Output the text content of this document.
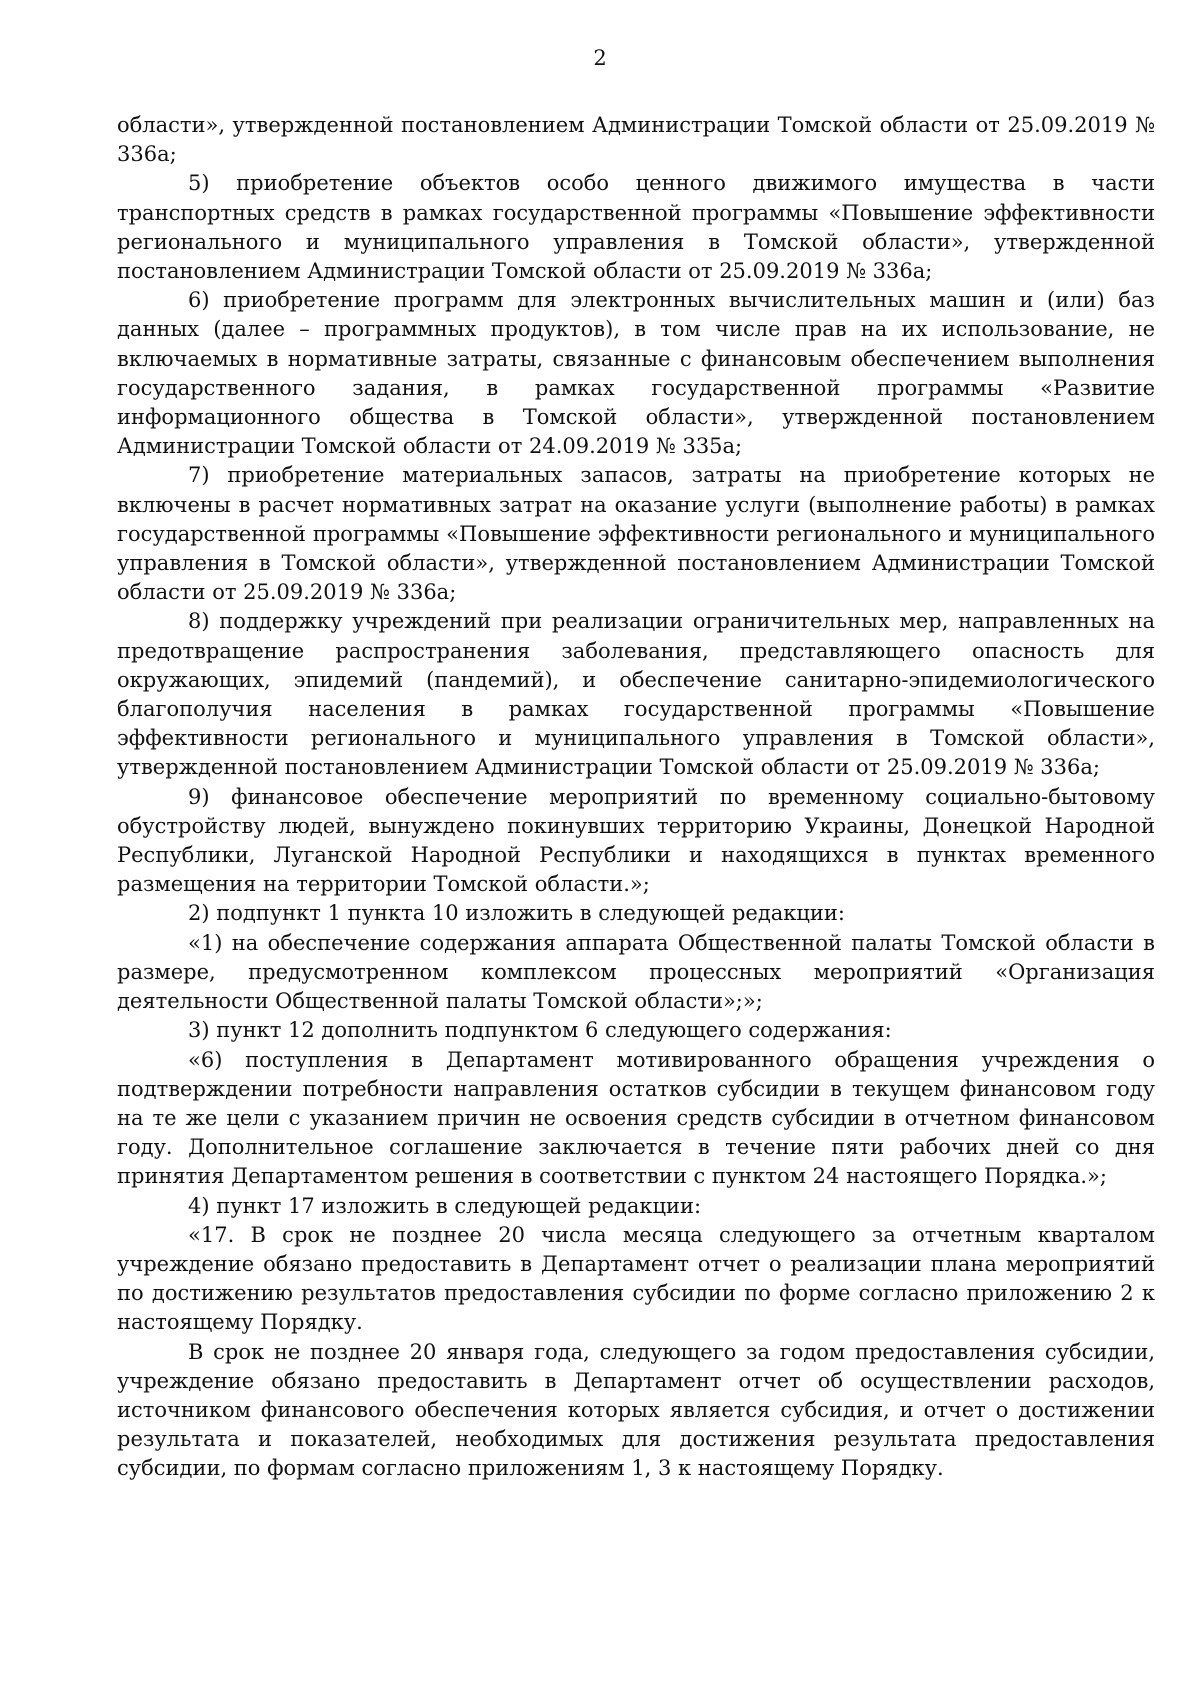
2

области», утвержденной постановлением Администрации Томской области от 25.09.2019 № 336а;

5) приобретение объектов особо ценного движимого имущества в части транспортных средств в рамках государственной программы «Повышение эффективности регионального и муниципального управления в Томской области», утвержденной постановлением Администрации Томской области от 25.09.2019 № 336а;

6) приобретение программ для электронных вычислительных машин и (или) баз данных (далее – программных продуктов), в том числе прав на их использование, не включаемых в нормативные затраты, связанные с финансовым обеспечением выполнения государственного задания, в рамках государственной программы «Развитие информационного общества в Томской области», утвержденной постановлением Администрации Томской области от 24.09.2019 № 335а;

7) приобретение материальных запасов, затраты на приобретение которых не включены в расчет нормативных затрат на оказание услуги (выполнение работы) в рамках государственной программы «Повышение эффективности регионального и муниципального управления в Томской области», утвержденной постановлением Администрации Томской области от 25.09.2019 № 336а;

8) поддержку учреждений при реализации ограничительных мер, направленных на предотвращение распространения заболевания, представляющего опасность для окружающих, эпидемий (пандемий), и обеспечение санитарно-эпидемиологического благополучия населения в рамках государственной программы «Повышение эффективности регионального и муниципального управления в Томской области», утвержденной постановлением Администрации Томской области от 25.09.2019 № 336а;

9) финансовое обеспечение мероприятий по временному социально-бытовому обустройству людей, вынуждено покинувших территорию Украины, Донецкой Народной Республики, Луганской Народной Республики и находящихся в пунктах временного размещения на территории Томской области.»;

2) подпункт 1 пункта 10 изложить в следующей редакции:

«1) на обеспечение содержания аппарата Общественной палаты Томской области в размере, предусмотренном комплексом процессных мероприятий «Организация деятельности Общественной палаты Томской области»;»;

3) пункт 12 дополнить подпунктом 6 следующего содержания:

«6) поступления в Департамент мотивированного обращения учреждения о подтверждении потребности направления остатков субсидии в текущем финансовом году на те же цели с указанием причин не освоения средств субсидии в отчетном финансовом году. Дополнительное соглашение заключается в течение пяти рабочих дней со дня принятия Департаментом решения в соответствии с пунктом 24 настоящего Порядка.»;

4) пункт 17 изложить в следующей редакции:

«17. В срок не позднее 20 числа месяца следующего за отчетным кварталом учреждение обязано предоставить в Департамент отчет о реализации плана мероприятий по достижению результатов предоставления субсидии по форме согласно приложению 2 к настоящему Порядку.

В срок не позднее 20 января года, следующего за годом предоставления субсидии, учреждение обязано предоставить в Департамент отчет об осуществлении расходов, источником финансового обеспечения которых является субсидия, и отчет о достижении результата и показателей, необходимых для достижения результата предоставления субсидии, по формам согласно приложениям 1, 3 к настоящему Порядку.
